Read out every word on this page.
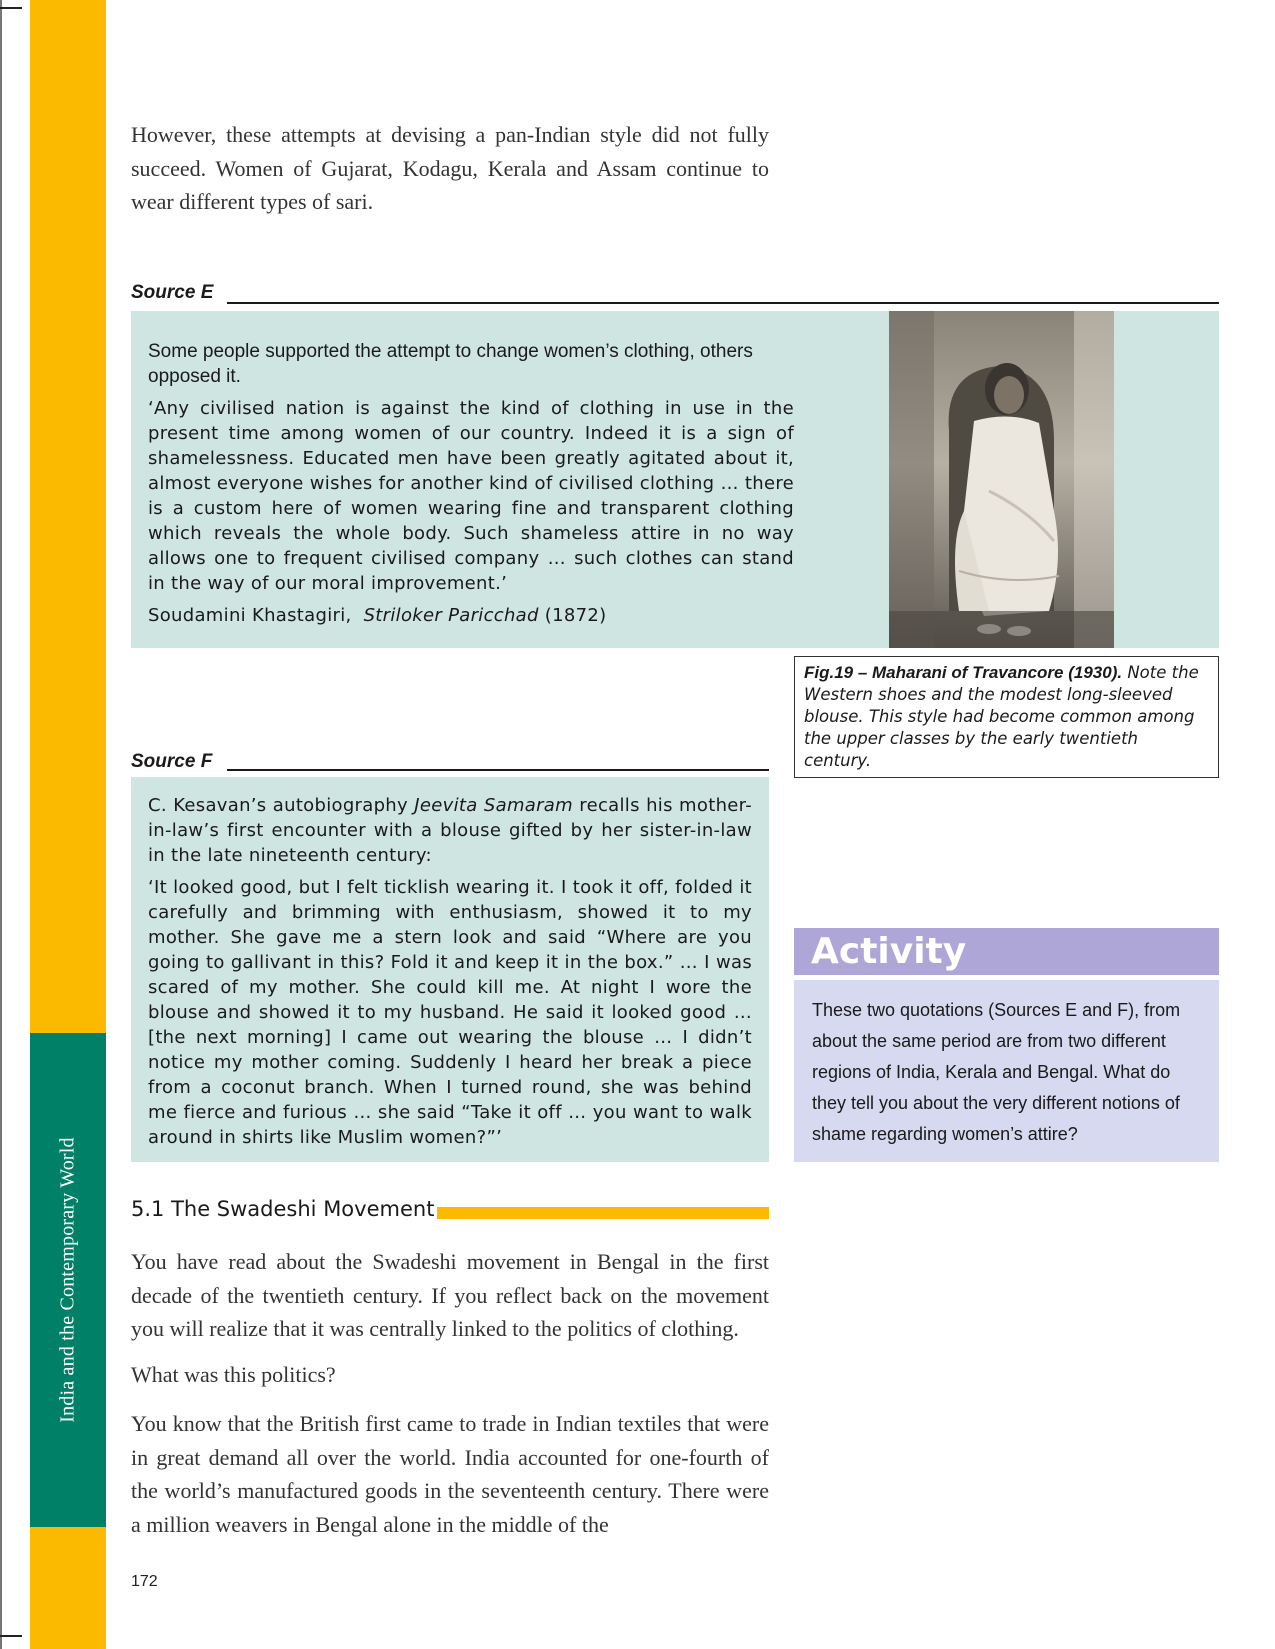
India and the Contemporary World

However, these attempts at devising a pan-Indian style did not fully succeed. Women of Gujarat, Kodagu, Kerala and Assam continue to wear different types of sari.

Source E

Some people supported the attempt to change women’s clothing, others opposed it.

‘Any civilised nation is against the kind of clothing in use in the present time among women of our country. Indeed it is a sign of shamelessness. Educated men have been greatly agitated about it, almost everyone wishes for another kind of civilised clothing … there is a custom here of women wearing fine and transparent clothing which reveals the whole body. Such shameless attire in no way allows one to frequent civilised company … such clothes can stand in the way of our moral improvement.’

Soudamini Khastagiri, Striloker Paricchad (1872)

Fig.19 – Maharani of Travancore (1930). Note the Western shoes and the modest long-sleeved blouse. This style had become common among the upper classes by the early twentieth century.
Source F

C. Kesavan’s autobiography Jeevita Samaram recalls his mother-in-law’s first encounter with a blouse gifted by her sister-in-law in the late nineteenth century:

‘It looked good, but I felt ticklish wearing it. I took it off, folded it carefully and brimming with enthusiasm, showed it to my mother. She gave me a stern look and said “Where are you going to gallivant in this? Fold it and keep it in the box.” … I was scared of my mother. She could kill me. At night I wore the blouse and showed it to my husband. He said it looked good … [the next morning] I came out wearing the blouse … I didn’t notice my mother coming. Suddenly I heard her break a piece from a coconut branch. When I turned round, she was behind me fierce and furious … she said “Take it off … you want to walk around in shirts like Muslim women?”’

Activity
These two quotations (Sources E and F), from about the same period are from two different regions of India, Kerala and Bengal. What do they tell you about the very different notions of shame regarding women’s attire?
5.1 The Swadeshi Movement

You have read about the Swadeshi movement in Bengal in the first decade of the twentieth century. If you reflect back on the movement you will realize that it was centrally linked to the politics of clothing.

What was this politics?

You know that the British first came to trade in Indian textiles that were in great demand all over the world. India accounted for one-fourth of the world’s manufactured goods in the seventeenth century. There were a million weavers in Bengal alone in the middle of the

172
